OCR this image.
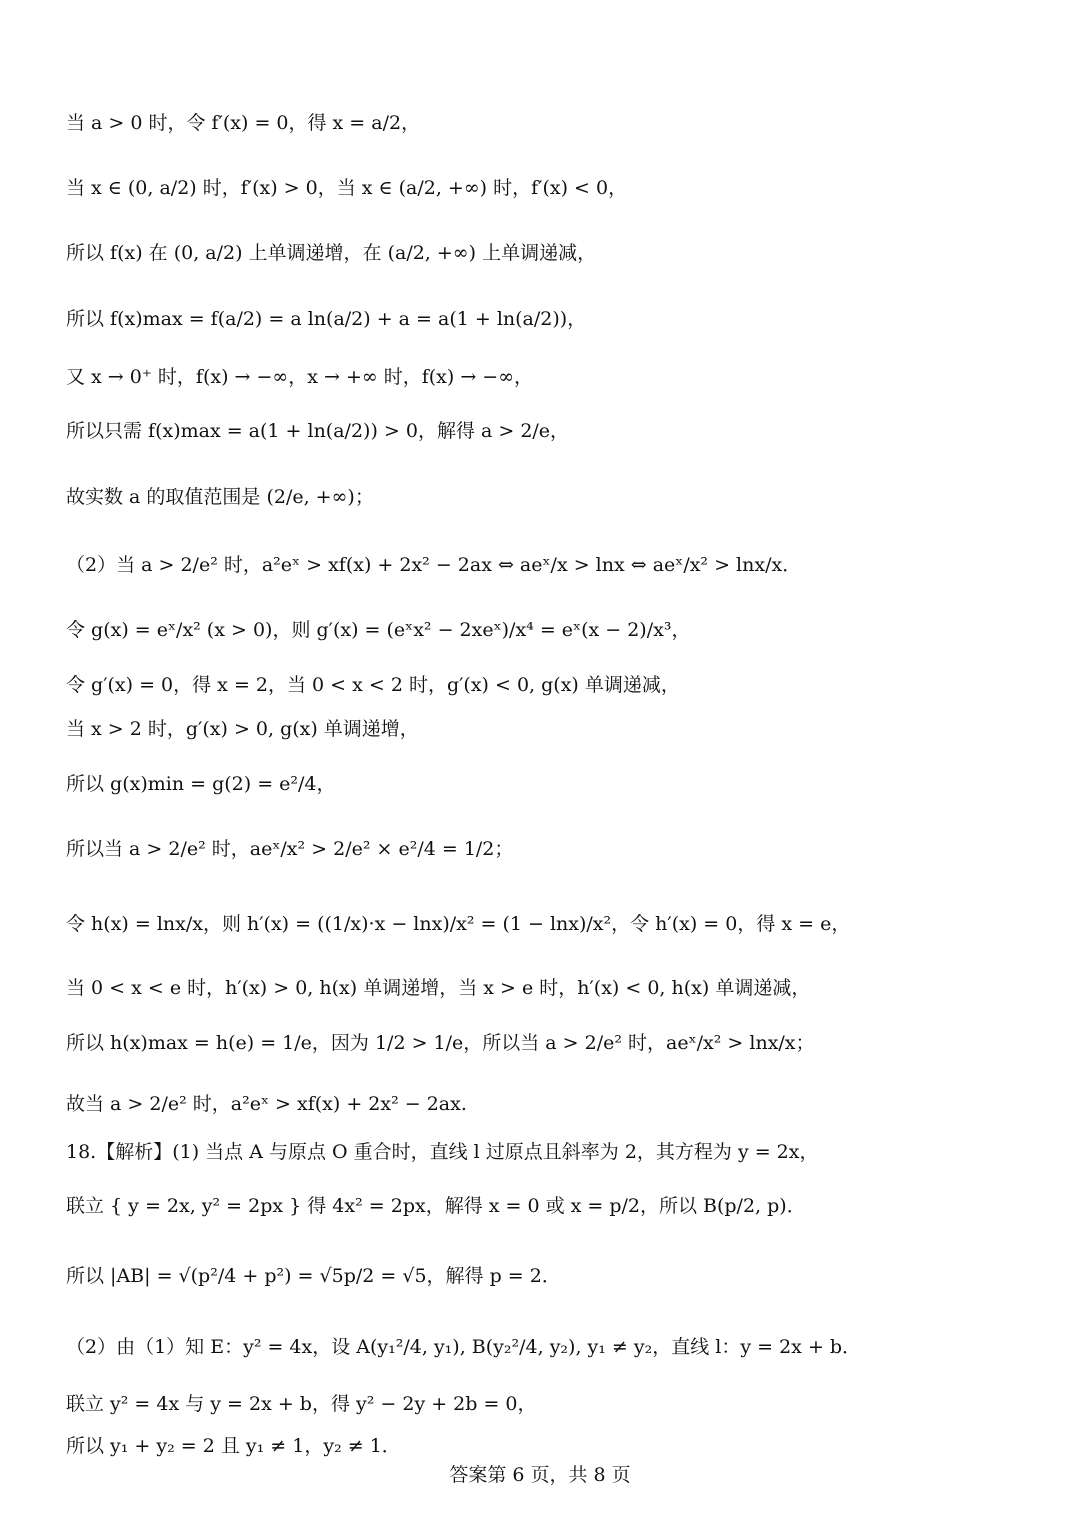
当 a > 0 时，令 f′(x) = 0，得 x = a/2，
当 x ∈ (0, a/2) 时，f′(x) > 0，当 x ∈ (a/2, +∞) 时，f′(x) < 0，
所以 f(x) 在 (0, a/2) 上单调递增，在 (a/2, +∞) 上单调递减，
所以 f(x)max = f(a/2) = a ln(a/2) + a = a(1 + ln(a/2))，
又 x → 0⁺ 时，f(x) → −∞，x → +∞ 时，f(x) → −∞，
所以只需 f(x)max = a(1 + ln(a/2)) > 0，解得 a > 2/e，
故实数 a 的取值范围是 (2/e, +∞)；
（2）当 a > 2/e² 时，a²eˣ > xf(x) + 2x² − 2ax ⇔ aeˣ/x > lnx ⇔ aeˣ/x² > lnx/x．
令 g(x) = eˣ/x² (x > 0)，则 g′(x) = (eˣx² − 2xeˣ)/x⁴ = eˣ(x − 2)/x³，
令 g′(x) = 0，得 x = 2，当 0 < x < 2 时，g′(x) < 0, g(x) 单调递减，
当 x > 2 时，g′(x) > 0, g(x) 单调递增，
所以 g(x)min = g(2) = e²/4，
所以当 a > 2/e² 时，aeˣ/x² > 2/e² × e²/4 = 1/2；
令 h(x) = lnx/x，则 h′(x) = ((1/x)·x − lnx)/x² = (1 − lnx)/x²，令 h′(x) = 0，得 x = e，
当 0 < x < e 时，h′(x) > 0, h(x) 单调递增，当 x > e 时，h′(x) < 0, h(x) 单调递减，
所以 h(x)max = h(e) = 1/e，因为 1/2 > 1/e，所以当 a > 2/e² 时，aeˣ/x² > lnx/x；
故当 a > 2/e² 时，a²eˣ > xf(x) + 2x² − 2ax.
18.【解析】(1) 当点 A 与原点 O 重合时，直线 l 过原点且斜率为 2，其方程为 y = 2x，
联立 { y = 2x, y² = 2px } 得 4x² = 2px，解得 x = 0 或 x = p/2，所以 B(p/2, p)．
所以 |AB| = √(p²/4 + p²) = √5p/2 = √5，解得 p = 2．
（2）由（1）知 E：y² = 4x，设 A(y₁²/4, y₁), B(y₂²/4, y₂), y₁ ≠ y₂，直线 l：y = 2x + b．
联立 y² = 4x 与 y = 2x + b，得 y² − 2y + 2b = 0，
所以 y₁ + y₂ = 2 且 y₁ ≠ 1，y₂ ≠ 1．
答案第 6 页，共 8 页
